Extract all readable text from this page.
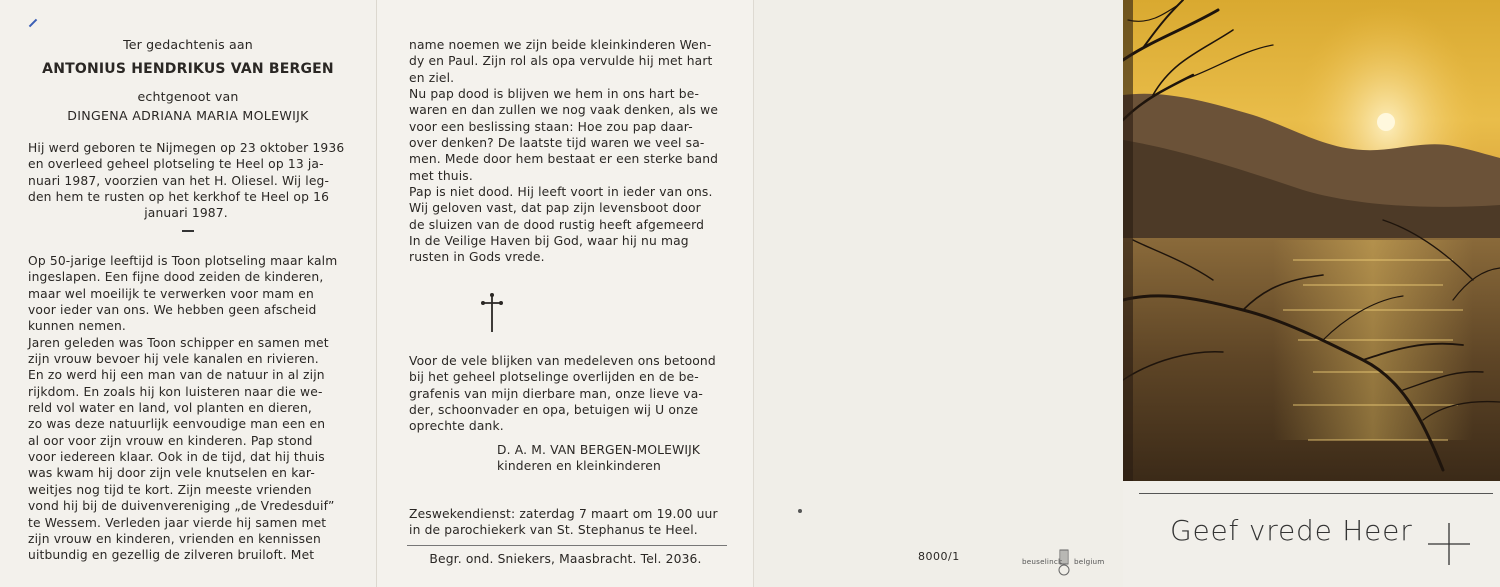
Ter gedachtenis aan

ANTONIUS HENDRIKUS VAN BERGEN

echtgenoot van

DINGENA ADRIANA MARIA MOLEWIJK

Hij werd geboren te Nijmegen op 23 oktober 1936
en overleed geheel plotseling te Heel op 13 ja-
nuari 1987, voorzien van het H. Oliesel. Wij leg-
den hem te rusten op het kerkhof te Heel op 16
januari 1987.
Op 50-jarige leeftijd is Toon plotseling maar kalm
ingeslapen. Een fijne dood zeiden de kinderen,
maar wel moeilijk te verwerken voor mam en
voor ieder van ons. We hebben geen afscheid
kunnen nemen.
Jaren geleden was Toon schipper en samen met
zijn vrouw bevoer hij vele kanalen en rivieren.
En zo werd hij een man van de natuur in al zijn
rijkdom. En zoals hij kon luisteren naar die we-
reld vol water en land, vol planten en dieren,
zo was deze natuurlijk eenvoudige man een en
al oor voor zijn vrouw en kinderen. Pap stond
voor iedereen klaar. Ook in de tijd, dat hij thuis
was kwam hij door zijn vele knutselen en kar-
weitjes nog tijd te kort. Zijn meeste vrienden
vond hij bij de duivenvereniging „de Vredesduif”
te Wessem. Verleden jaar vierde hij samen met
zijn vrouw en kinderen, vrienden en kennissen
uitbundig en gezellig de zilveren bruiloft. Met
name noemen we zijn beide kleinkinderen Wen-
dy en Paul. Zijn rol als opa vervulde hij met hart
en ziel.
Nu pap dood is blijven we hem in ons hart be-
waren en dan zullen we nog vaak denken, als we
voor een beslissing staan: Hoe zou pap daar-
over denken? De laatste tijd waren we veel sa-
men. Mede door hem bestaat er een sterke band
met thuis.
Pap is niet dood. Hij leeft voort in ieder van ons.
Wij geloven vast, dat pap zijn levensboot door
de sluizen van de dood rustig heeft afgemeerd
In de Veilige Haven bij God, waar hij nu mag
rusten in Gods vrede.
Voor de vele blijken van medeleven ons betoond
bij het geheel plotselinge overlijden en de be-
grafenis van mijn dierbare man, onze lieve va-
der, schoonvader en opa, betuigen wij U onze
oprechte dank.
D. A. M. VAN BERGEN-MOLEWIJK
kinderen en kleinkinderen
Zeswekendienst: zaterdag 7 maart om 19.00 uur
in de parochiekerk van St. Stephanus te Heel.

Begr. ond. Sniekers, Maasbracht. Tel. 2036.	8000/1	beuselinck belgium

Geef vrede Heer
